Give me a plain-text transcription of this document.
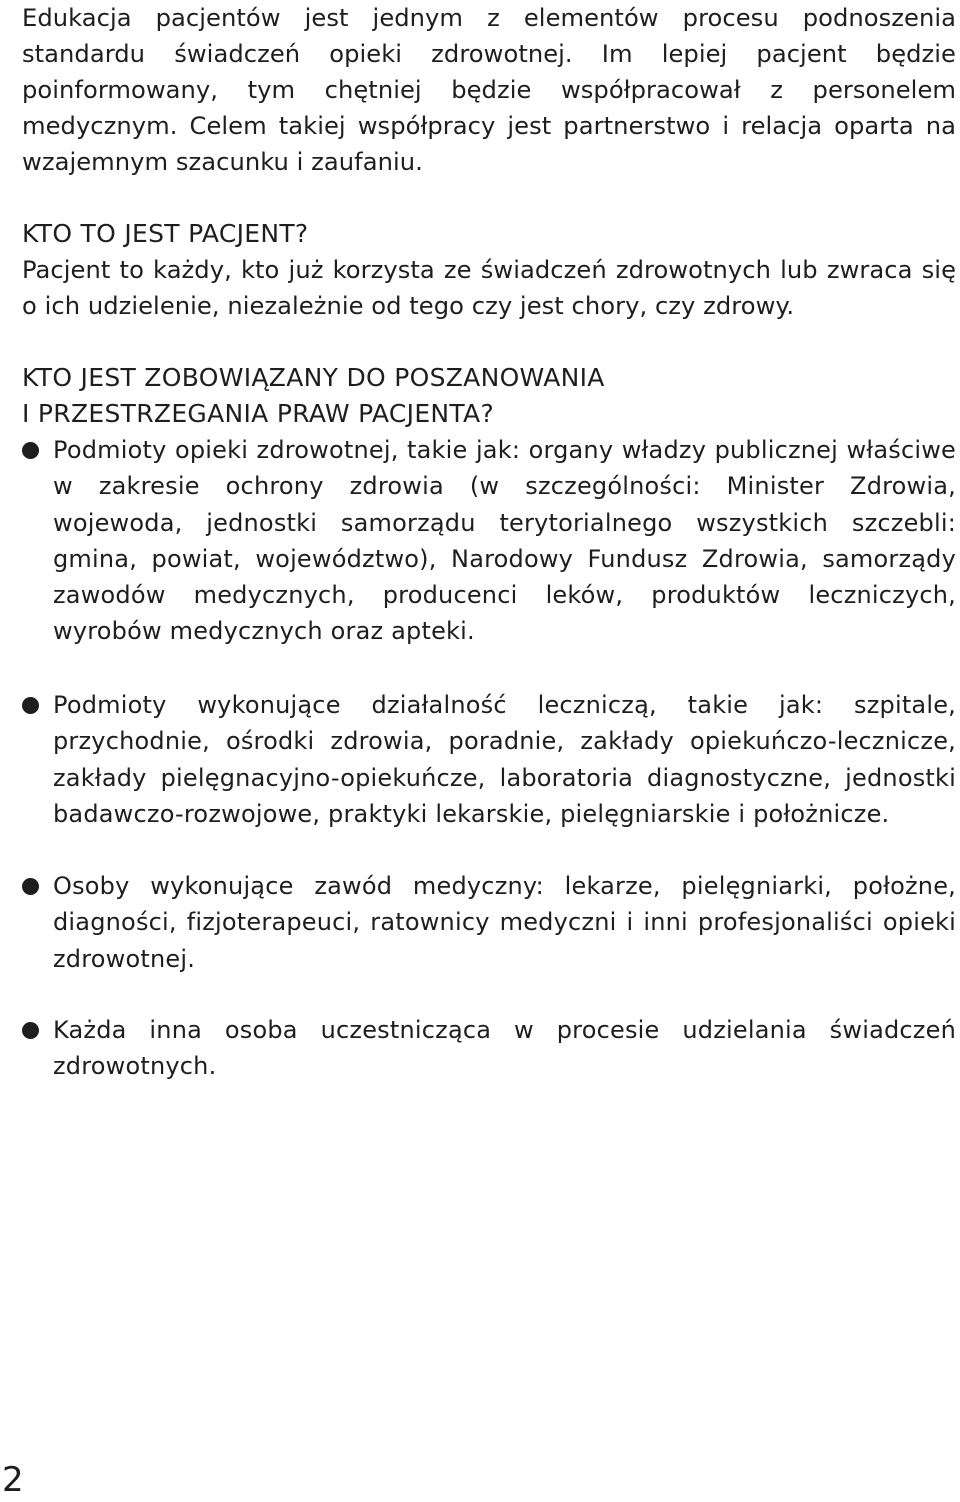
Edukacja pacjentów jest jednym z elementów procesu podnoszenia standardu świadczeń opieki zdrowotnej. Im lepiej pacjent będzie poinformowany, tym chętniej będzie współpracował z personelem medycznym. Celem takiej współpracy jest partnerstwo i relacja oparta na wzajemnym szacunku i zaufaniu.

KTO TO JEST PACJENT?

Pacjent to każdy, kto już korzysta ze świadczeń zdrowotnych lub zwraca się o ich udzielenie, niezależnie od tego czy jest chory, czy zdrowy.

KTO JEST ZOBOWIĄZANY DO POSZANOWANIA
I PRZESTRZEGANIA PRAW PACJENTA?

Podmioty opieki zdrowotnej, takie jak: organy władzy publicznej właściwe w zakresie ochrony zdrowia (w szczególności: Minister Zdrowia, wojewoda, jednostki samorządu terytorialnego wszystkich szczebli: gmina, powiat, województwo), Narodowy Fundusz Zdrowia, samorządy zawodów medycznych, producenci leków, produktów leczniczych, wyrobów medycznych oraz apteki.

Podmioty wykonujące działalność leczniczą, takie jak: szpitale, przychodnie, ośrodki zdrowia, poradnie, zakłady opiekuńczo-lecznicze, zakłady pielęgnacyjno-opiekuńcze, laboratoria diagnostyczne, jednostki badawczo-rozwojowe, praktyki lekarskie, pielęgniarskie i położnicze.

Osoby wykonujące zawód medyczny: lekarze, pielęgniarki, położne, diagności, fizjoterapeuci, ratownicy medyczni i inni profesjonaliści opieki zdrowotnej.

Każda inna osoba uczestnicząca w procesie udzielania świadczeń zdrowotnych.

2
